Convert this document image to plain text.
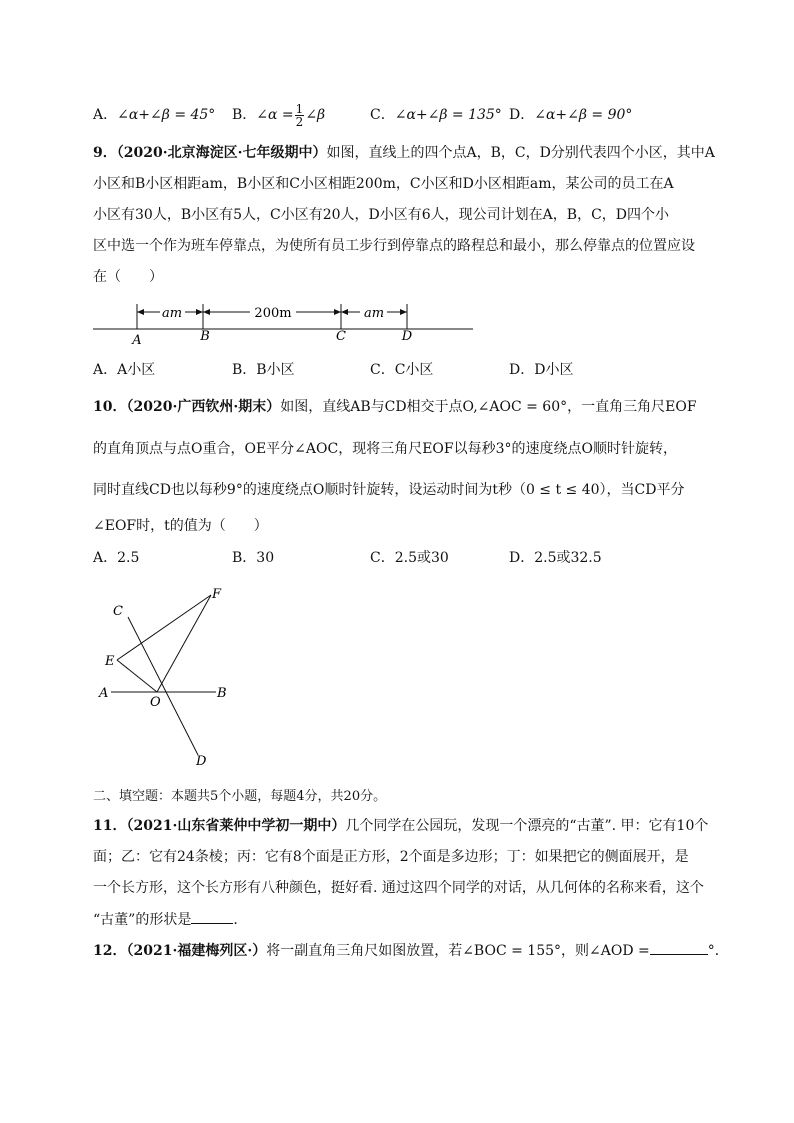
A．∠α+∠β = 45° B．∠α = $\frac{1}{2}$ ∠β	C．∠α+∠β = 135° D．∠α+∠β = 90°
9．（2020·北京海淀区·七年级期中）如图，直线上的四个点A，B，C，D分别代表四个小区，其中A
小区和B小区相距am，B小区和C小区相距200m，C小区和D小区相距am，某公司的员工在A
小区有30人，B小区有5人，C小区有20人，D小区有6人，现公司计划在A，B，C，D四个小
区中选一个作为班车停靠点，为使所有员工步行到停靠点的路程总和最小，那么停靠点的位置应设
在（　　）
am	200m	am
A	B	C	D
A．A小区	B．B小区	C．C小区	D．D小区
10．（2020·广西钦州·期末）如图，直线AB与CD相交于点O,∠AOC = 60°，一直角三角尺EOF
的直角顶点与点O重合，OE平分∠AOC，现将三角尺EOF以每秒3°的速度绕点O顺时针旋转，
同时直线CD也以每秒9°的速度绕点O顺时针旋转，设运动时间为t秒（0 ≤ t ≤ 40），当CD平分
∠EOF时，t的值为（　　）
A．2.5	B．30	C．2.5或30	D．2.5或32.5
C
F
E
A
O
B
D
二、填空题：本题共5个小题，每题4分，共20分。
11．（2021·山东省莱仲中学初一期中）几个同学在公园玩，发现一个漂亮的“古董”. 甲：它有10个
面；乙：它有24条棱；丙：它有8个面是正方形，2个面是多边形；丁：如果把它的侧面展开，是
一个长方形，这个长方形有八种颜色，挺好看. 通过这四个同学的对话，从几何体的名称来看，这个
“古董”的形状是	.
12．（2021·福建梅列区·）将一副直角三角尺如图放置，若∠BOC = 155°，则∠AOD =	°．
